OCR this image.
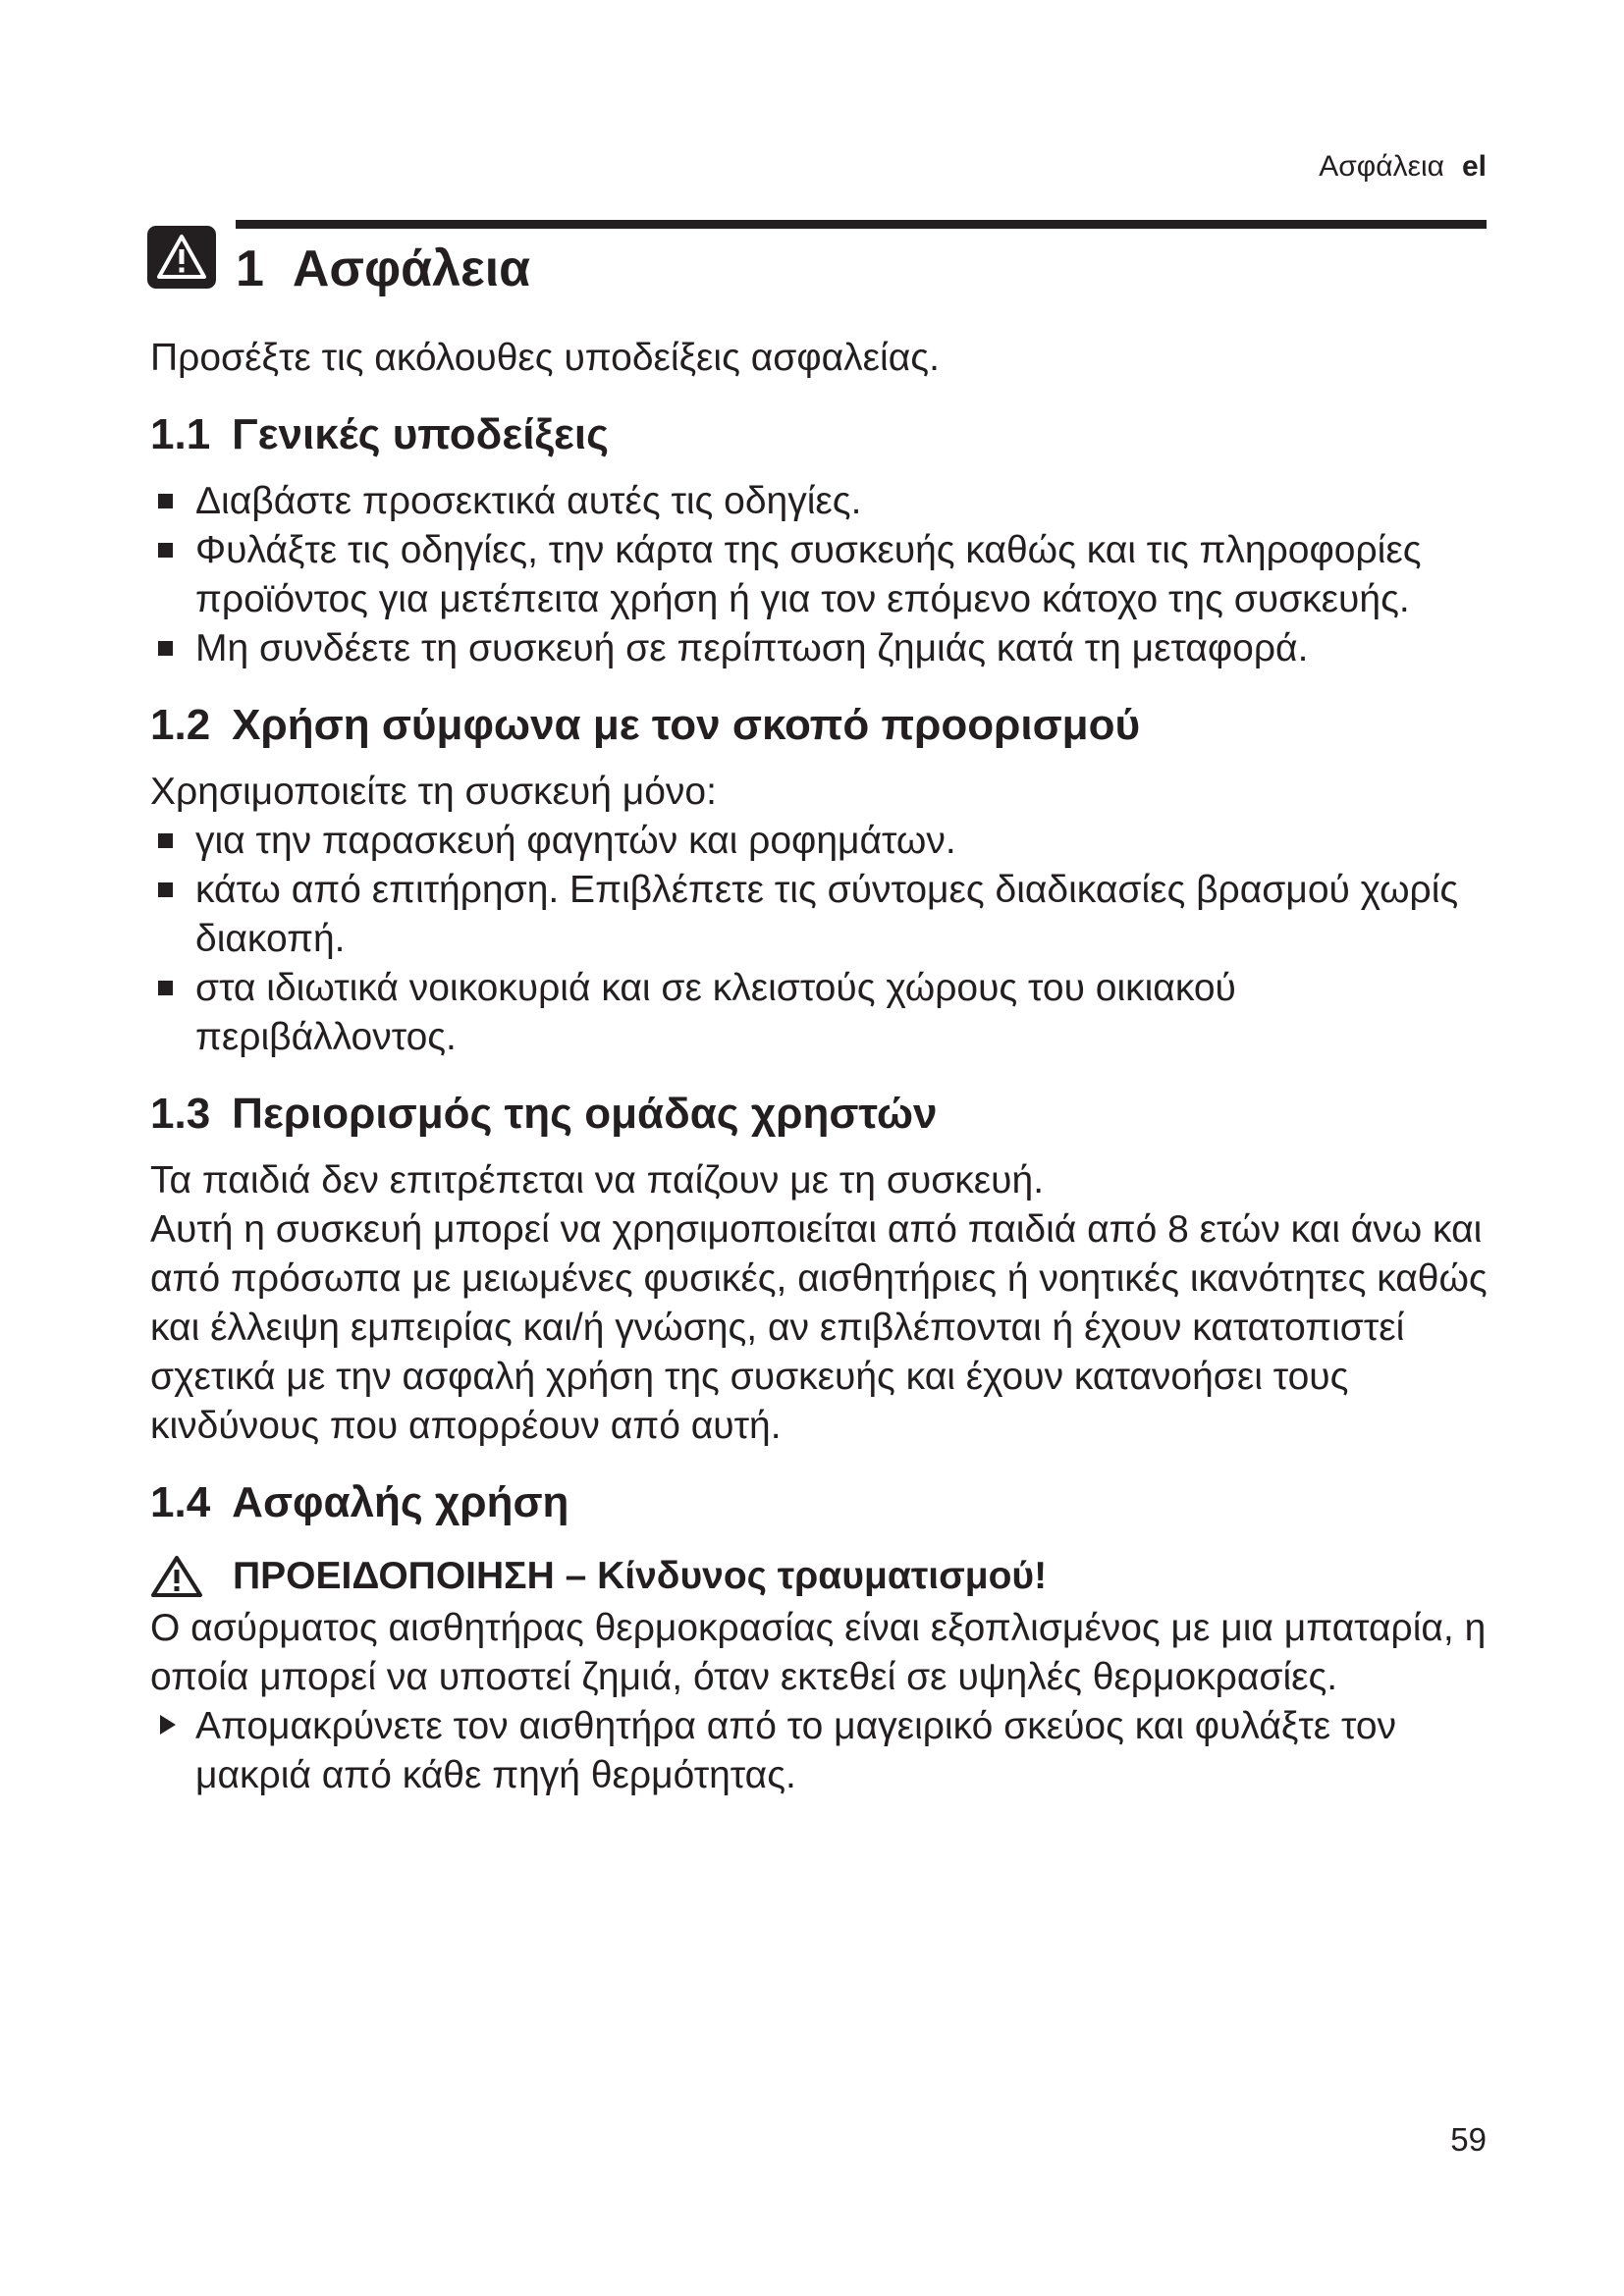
Ασφάλεια el
1 Ασφάλεια

Προσέξτε τις ακόλουθες υποδείξεις ασφαλείας.

1.1 Γενικές υποδείξεις
Διαβάστε προσεκτικά αυτές τις οδηγίες.
Φυλάξτε τις οδηγίες, την κάρτα της συσκευής καθώς και τις πληροφορίες προϊόντος για μετέπειτα χρήση ή για τον επόμενο κάτοχο της συσκευής.
Μη συνδέετε τη συσκευή σε περίπτωση ζημιάς κατά τη μεταφορά.
1.2 Χρήση σύμφωνα με τον σκοπό προορισμού

Χρησιμοποιείτε τη συσκευή μόνο:

για την παρασκευή φαγητών και ροφημάτων.
κάτω από επιτήρηση. Επιβλέπετε τις σύντομες διαδικασίες βρασμού χωρίς διακοπή.
στα ιδιωτικά νοικοκυριά και σε κλειστούς χώρους του οικιακού περιβάλλοντος.
1.3 Περιορισμός της ομάδας χρηστών

Τα παιδιά δεν επιτρέπεται να παίζουν με τη συσκευή.

Αυτή η συσκευή μπορεί να χρησιμοποιείται από παιδιά από 8 ετών και άνω και από πρόσωπα με μειωμένες φυσικές, αισθητήριες ή νοητικές ικανότητες καθώς και έλλειψη εμπειρίας και/ή γνώσης, αν επιβλέπονται ή έχουν κατατοπιστεί σχετικά με την ασφαλή χρήση της συσκευής και έχουν κατανοήσει τους κινδύνους που απορρέουν από αυτή.

1.4 Ασφαλής χρήση
ΠΡΟΕΙΔΟΠΟΙΗΣΗ – Κίνδυνος τραυματισμού!

Ο ασύρματος αισθητήρας θερμοκρασίας είναι εξοπλισμένος με μια μπαταρία, η οποία μπορεί να υποστεί ζημιά, όταν εκτεθεί σε υψηλές θερμοκρασίες.

Απομακρύνετε τον αισθητήρα από το μαγειρικό σκεύος και φυλάξτε τον μακριά από κάθε πηγή θερμότητας.
59
